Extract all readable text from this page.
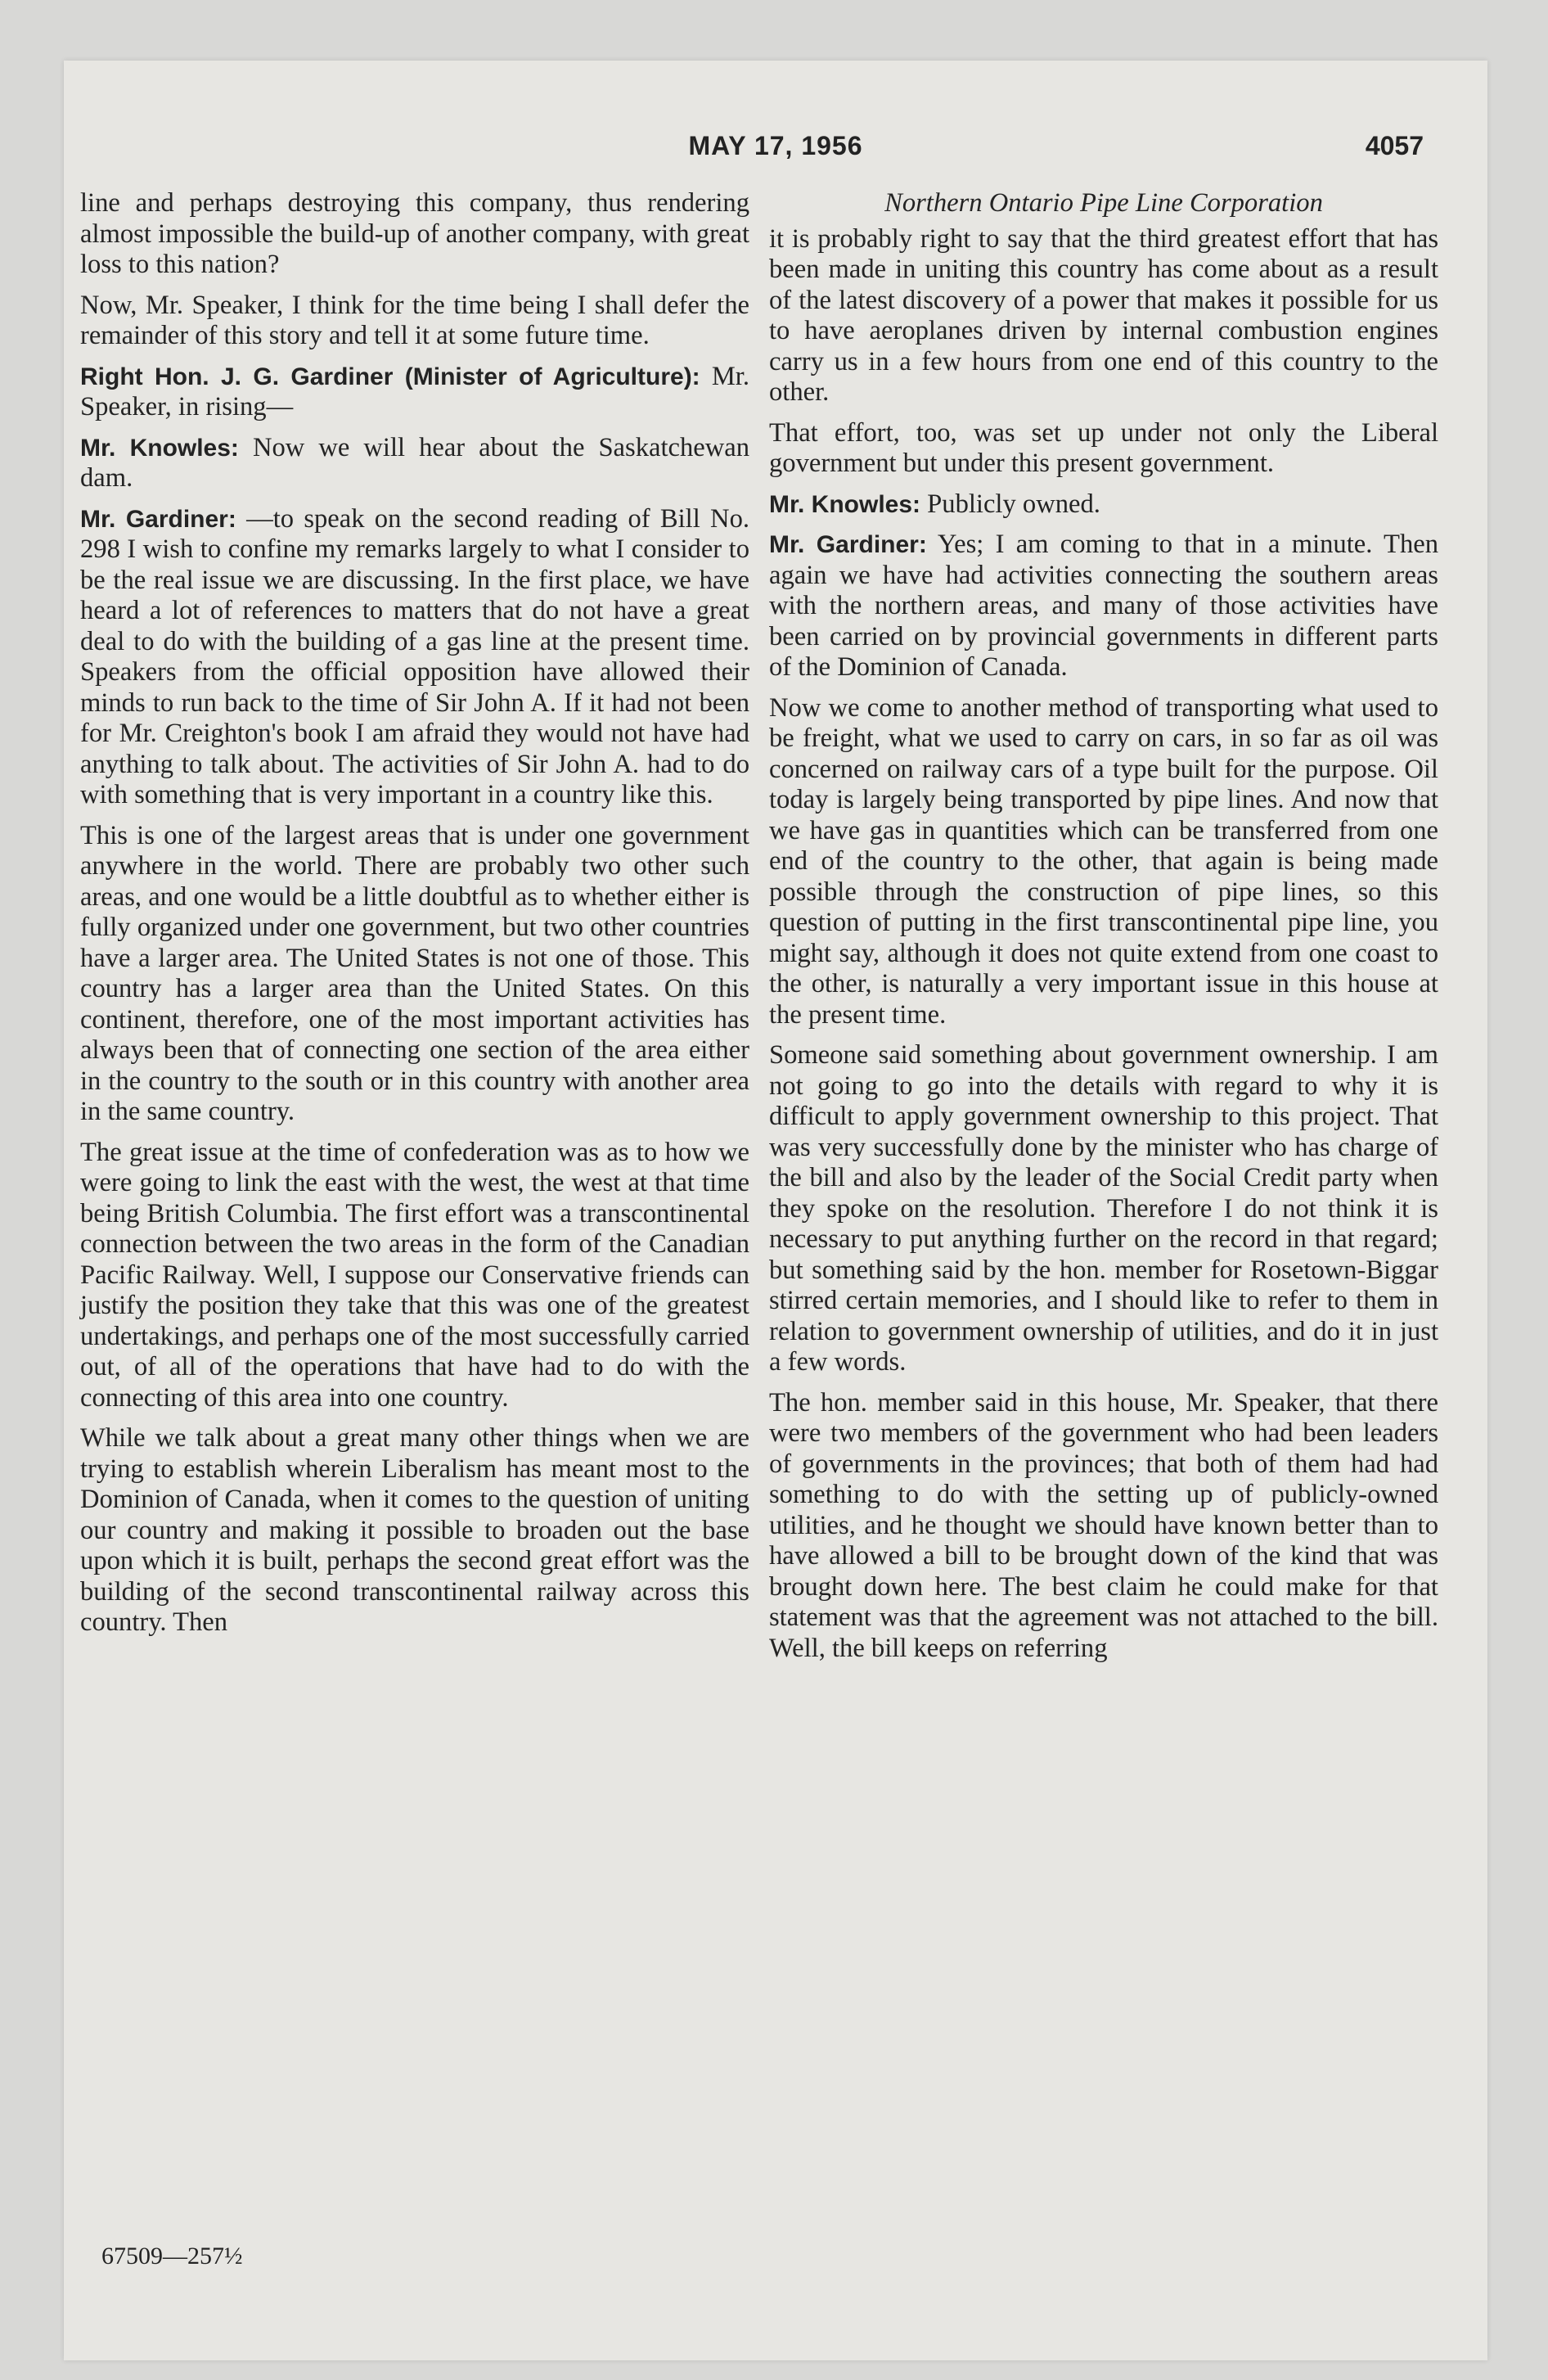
MAY 17, 1956	4057

line and perhaps destroying this company, thus rendering almost impossible the build-up of another company, with great loss to this nation?

Now, Mr. Speaker, I think for the time being I shall defer the remainder of this story and tell it at some future time.

Right Hon. J. G. Gardiner (Minister of Agriculture): Mr. Speaker, in rising—

Mr. Knowles: Now we will hear about the Saskatchewan dam.

Mr. Gardiner: —to speak on the second reading of Bill No. 298 I wish to confine my remarks largely to what I consider to be the real issue we are discussing. In the first place, we have heard a lot of references to matters that do not have a great deal to do with the building of a gas line at the present time. Speakers from the official opposition have allowed their minds to run back to the time of Sir John A. If it had not been for Mr. Creighton's book I am afraid they would not have had anything to talk about. The activities of Sir John A. had to do with something that is very important in a country like this.

This is one of the largest areas that is under one government anywhere in the world. There are probably two other such areas, and one would be a little doubtful as to whether either is fully organized under one government, but two other countries have a larger area. The United States is not one of those. This country has a larger area than the United States. On this continent, therefore, one of the most important activities has always been that of connecting one section of the area either in the country to the south or in this country with another area in the same country.

The great issue at the time of confederation was as to how we were going to link the east with the west, the west at that time being British Columbia. The first effort was a transcontinental connection between the two areas in the form of the Canadian Pacific Railway. Well, I suppose our Conservative friends can justify the position they take that this was one of the greatest undertakings, and perhaps one of the most successfully carried out, of all of the operations that have had to do with the connecting of this area into one country.

While we talk about a great many other things when we are trying to establish wherein Liberalism has meant most to the Dominion of Canada, when it comes to the question of uniting our country and making it possible to broaden out the base upon which it is built, perhaps the second great effort was the building of the second transcontinental railway across this country. Then

Northern Ontario Pipe Line Corporation

it is probably right to say that the third greatest effort that has been made in uniting this country has come about as a result of the latest discovery of a power that makes it possible for us to have aeroplanes driven by internal combustion engines carry us in a few hours from one end of this country to the other.

That effort, too, was set up under not only the Liberal government but under this present government.

Mr. Knowles: Publicly owned.

Mr. Gardiner: Yes; I am coming to that in a minute. Then again we have had activities connecting the southern areas with the northern areas, and many of those activities have been carried on by provincial governments in different parts of the Dominion of Canada.

Now we come to another method of transporting what used to be freight, what we used to carry on cars, in so far as oil was concerned on railway cars of a type built for the purpose. Oil today is largely being transported by pipe lines. And now that we have gas in quantities which can be transferred from one end of the country to the other, that again is being made possible through the construction of pipe lines, so this question of putting in the first transcontinental pipe line, you might say, although it does not quite extend from one coast to the other, is naturally a very important issue in this house at the present time.

Someone said something about government ownership. I am not going to go into the details with regard to why it is difficult to apply government ownership to this project. That was very successfully done by the minister who has charge of the bill and also by the leader of the Social Credit party when they spoke on the resolution. Therefore I do not think it is necessary to put anything further on the record in that regard; but something said by the hon. member for Rosetown-Biggar stirred certain memories, and I should like to refer to them in relation to government ownership of utilities, and do it in just a few words.

The hon. member said in this house, Mr. Speaker, that there were two members of the government who had been leaders of governments in the provinces; that both of them had had something to do with the setting up of publicly-owned utilities, and he thought we should have known better than to have allowed a bill to be brought down of the kind that was brought down here. The best claim he could make for that statement was that the agreement was not attached to the bill. Well, the bill keeps on referring

67509—257½
